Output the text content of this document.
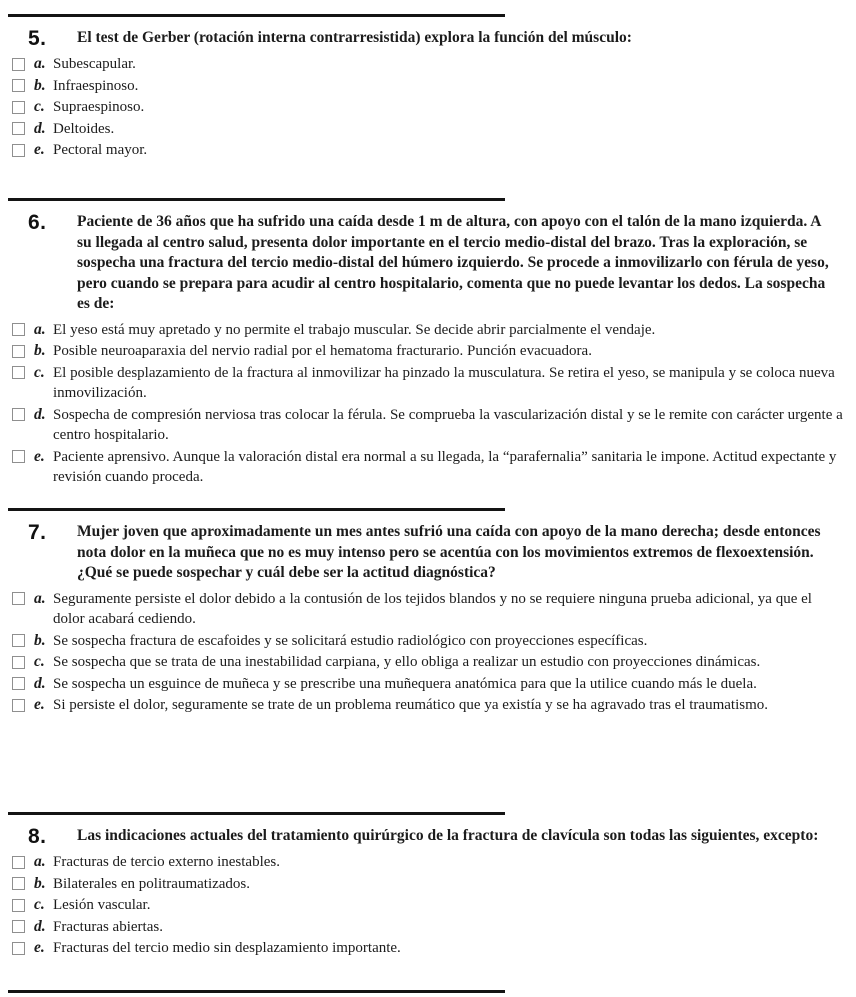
5.	El test de Gerber (rotación interna contrarresistida) explora la función del músculo:
a. Subescapular.
b. Infraespinoso.
c. Supraespinoso.
d. Deltoides.
e. Pectoral mayor.
6.	Paciente de 36 años que ha sufrido una caída desde 1 m de altura, con apoyo con el talón de la mano izquierda. A su llegada al centro salud, presenta dolor importante en el tercio medio-distal del brazo. Tras la exploración, se sospecha una fractura del tercio medio-distal del húmero izquierdo. Se procede a inmovilizarlo con férula de yeso, pero cuando se prepara para acudir al centro hospitalario, comenta que no puede levantar los dedos. La sospecha es de:
a. El yeso está muy apretado y no permite el trabajo muscular. Se decide abrir parcialmente el vendaje.
b. Posible neuroaparaxia del nervio radial por el hematoma fracturario. Punción evacuadora.
c. El posible desplazamiento de la fractura al inmovilizar ha pinzado la musculatura. Se retira el yeso, se manipula y se coloca nueva inmovilización.
d. Sospecha de compresión nerviosa tras colocar la férula. Se comprueba la vascularización distal y se le remite con carácter urgente a centro hospitalario.
e. Paciente aprensivo. Aunque la valoración distal era normal a su llegada, la “parafernalia” sanitaria le impone. Actitud expectante y revisión cuando proceda.
7.	Mujer joven que aproximadamente un mes antes sufrió una caída con apoyo de la mano derecha; desde entonces nota dolor en la muñeca que no es muy intenso pero se acentúa con los movimientos extremos de flexoextensión. ¿Qué se puede sospechar y cuál debe ser la actitud diagnóstica?
a. Seguramente persiste el dolor debido a la contusión de los tejidos blandos y no se requiere ninguna prueba adicional, ya que el dolor acabará cediendo.
b. Se sospecha fractura de escafoides y se solicitará estudio radiológico con proyecciones específicas.
c. Se sospecha que se trata de una inestabilidad carpiana, y ello obliga a realizar un estudio con proyecciones dinámicas.
d. Se sospecha un esguince de muñeca y se prescribe una muñequera anatómica para que la utilice cuando más le duela.
e. Si persiste el dolor, seguramente se trate de un problema reumático que ya existía y se ha agravado tras el traumatismo.
8.	Las indicaciones actuales del tratamiento quirúrgico de la fractura de clavícula son todas las siguientes, excepto:
a. Fracturas de tercio externo inestables.
b. Bilaterales en politraumatizados.
c. Lesión vascular.
d. Fracturas abiertas.
e. Fracturas del tercio medio sin desplazamiento importante.
